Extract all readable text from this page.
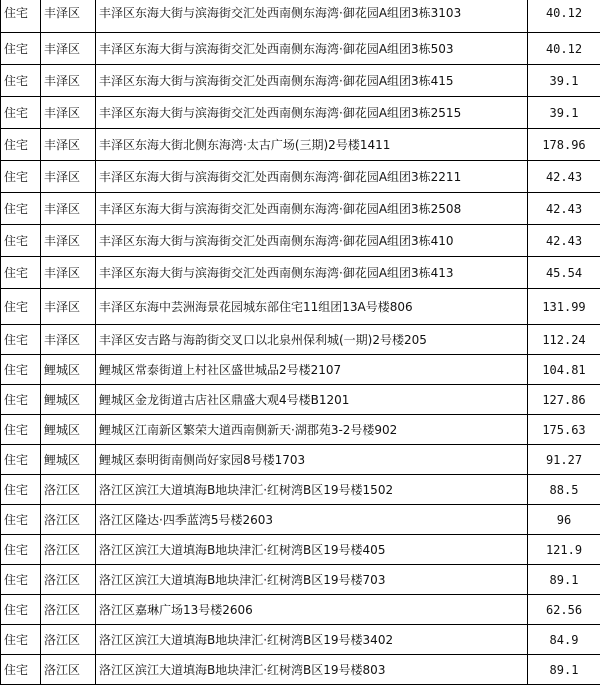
住宅	丰泽区	丰泽区东海大街与滨海街交汇处西南侧东海湾·御花园A组团3栋3103	40.12
住宅	丰泽区	丰泽区东海大街与滨海街交汇处西南侧东海湾·御花园A组团3栋503	40.12
住宅	丰泽区	丰泽区东海大街与滨海街交汇处西南侧东海湾·御花园A组团3栋415	39.1
住宅	丰泽区	丰泽区东海大街与滨海街交汇处西南侧东海湾·御花园A组团3栋2515	39.1
住宅	丰泽区	丰泽区东海大街北侧东海湾·太古广场(三期)2号楼1411	178.96
住宅	丰泽区	丰泽区东海大街与滨海街交汇处西南侧东海湾·御花园A组团3栋2211	42.43
住宅	丰泽区	丰泽区东海大街与滨海街交汇处西南侧东海湾·御花园A组团3栋2508	42.43
住宅	丰泽区	丰泽区东海大街与滨海街交汇处西南侧东海湾·御花园A组团3栋410	42.43
住宅	丰泽区	丰泽区东海大街与滨海街交汇处西南侧东海湾·御花园A组团3栋413	45.54
住宅	丰泽区	丰泽区东海中芸洲海景花园城东部住宅11组团13A号楼806	131.99
住宅	丰泽区	丰泽区安吉路与海韵街交叉口以北泉州保利城(一期)2号楼205	112.24
住宅	鲤城区	鲤城区常泰街道上村社区盛世城品2号楼2107	104.81
住宅	鲤城区	鲤城区金龙街道古店社区鼎盛大观4号楼B1201	127.86
住宅	鲤城区	鲤城区江南新区繁荣大道西南侧新天·湖郡苑3-2号楼902	175.63
住宅	鲤城区	鲤城区泰明街南侧尚好家园8号楼1703	91.27
住宅	洛江区	洛江区滨江大道填海B地块津汇·红树湾B区19号楼1502	88.5
住宅	洛江区	洛江区隆达·四季蓝湾5号楼2603	96
住宅	洛江区	洛江区滨江大道填海B地块津汇·红树湾B区19号楼405	121.9
住宅	洛江区	洛江区滨江大道填海B地块津汇·红树湾B区19号楼703	89.1
住宅	洛江区	洛江区嘉琳广场13号楼2606	62.56
住宅	洛江区	洛江区滨江大道填海B地块津汇·红树湾B区19号楼3402	84.9
住宅	洛江区	洛江区滨江大道填海B地块津汇·红树湾B区19号楼803	89.1
